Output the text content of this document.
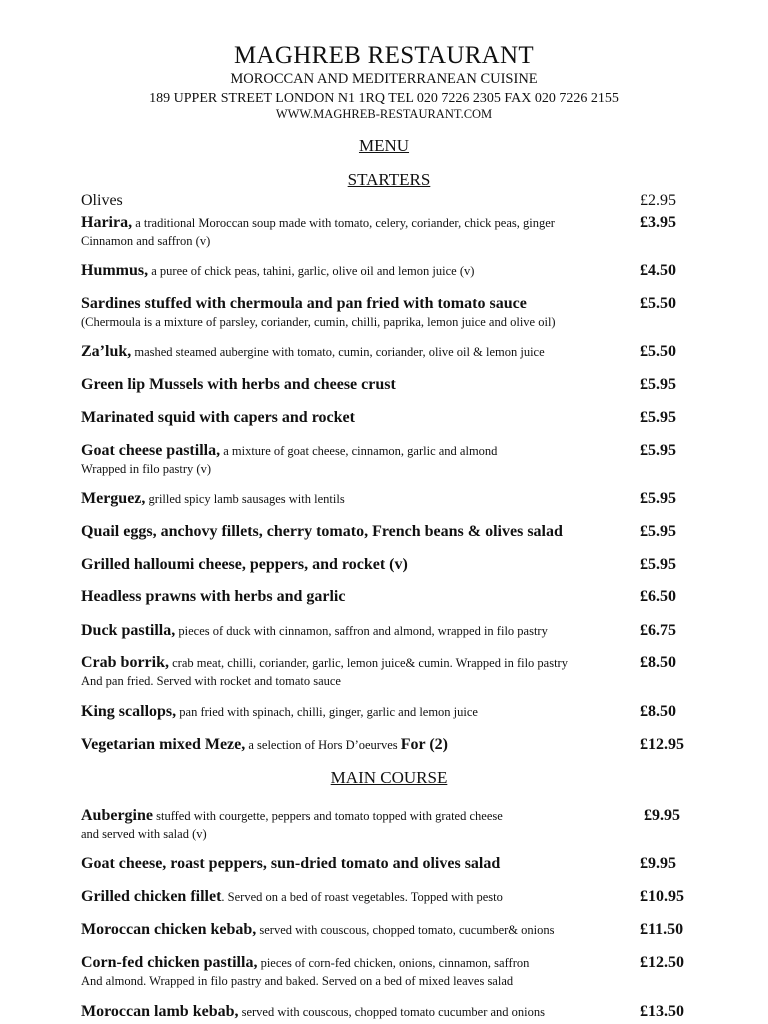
MAGHREB RESTAURANT
MOROCCAN AND MEDITERRANEAN CUISINE
189 UPPER STREET LONDON N1 1RQ TEL 020 7226 2305 FAX 020 7226 2155
WWW.MAGHREB-RESTAURANT.COM
MENU
STARTERS
MAIN COURSE
Olives	£2.95
Harira, a traditional Moroccan soup made with tomato, celery, coriander, chick peas, ginger
Cinnamon and saffron (v)
£3.95
Hummus, a puree of chick peas, tahini, garlic, olive oil and lemon juice (v)	£4.50
Sardines stuffed with chermoula and pan fried with tomato sauce
(Chermoula is a mixture of parsley, coriander, cumin, chilli, paprika, lemon juice and olive oil)
£5.50
Za’luk, mashed steamed aubergine with tomato, cumin, coriander, olive oil & lemon juice	£5.50
Green lip Mussels with herbs and cheese crust	£5.95
Marinated squid with capers and rocket	£5.95
Goat cheese pastilla, a mixture of goat cheese, cinnamon, garlic and almond
Wrapped in filo pastry (v)
£5.95
Merguez, grilled spicy lamb sausages with lentils	£5.95
Quail eggs, anchovy fillets, cherry tomato, French beans & olives salad	£5.95
Grilled halloumi cheese, peppers, and rocket (v)	£5.95
Headless prawns with herbs and garlic	£6.50
Duck pastilla, pieces of duck with cinnamon, saffron and almond, wrapped in filo pastry	£6.75
Crab borrik, crab meat, chilli, coriander, garlic, lemon juice& cumin. Wrapped in filo pastry
And pan fried. Served with rocket and tomato sauce
£8.50
King scallops, pan fried with spinach, chilli, ginger, garlic and lemon juice	£8.50
Vegetarian mixed Meze, a selection of Hors D’oeurves For (2)	£12.95
Aubergine stuffed with courgette, peppers and tomato topped with grated cheese
and served with salad (v)
£9.95
Goat cheese, roast peppers, sun-dried tomato and olives salad	£9.95
Grilled chicken fillet. Served on a bed of roast vegetables. Topped with pesto	£10.95
Moroccan chicken kebab, served with couscous, chopped tomato, cucumber& onions	£11.50
Corn-fed chicken pastilla, pieces of corn-fed chicken, onions, cinnamon, saffron
And almond. Wrapped in filo pastry and baked. Served on a bed of mixed leaves salad
£12.50
Moroccan lamb kebab, served with couscous, chopped tomato cucumber and onions	£13.50
